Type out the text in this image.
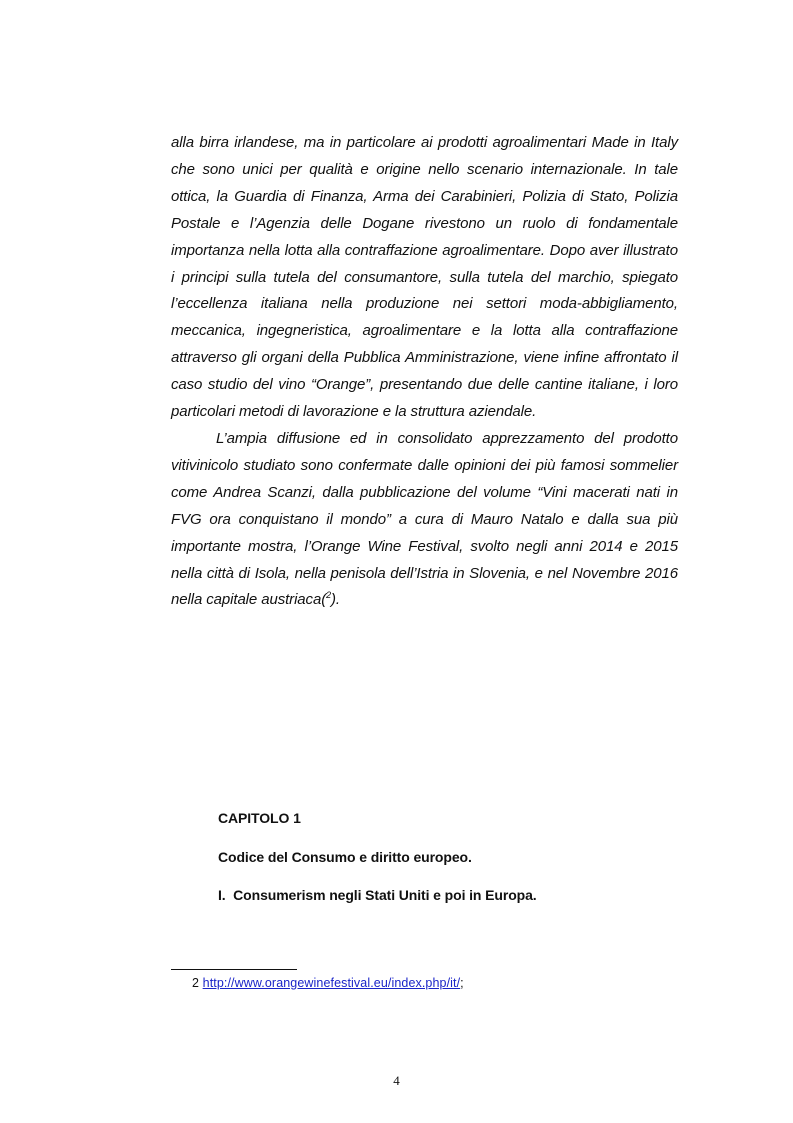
alla birra irlandese, ma in particolare ai prodotti agroalimentari Made in Italy che sono unici per qualità e origine nello scenario internazionale. In tale ottica, la Guardia di Finanza, Arma dei Carabinieri, Polizia di Stato, Polizia Postale e l’Agenzia delle Dogane rivestono un ruolo di fondamentale importanza nella lotta alla contraffazione agroalimentare. Dopo aver illustrato i principi sulla tutela del consumantore, sulla tutela del marchio, spiegato l’eccellenza italiana nella produzione nei settori moda-abbigliamento, meccanica, ingegneristica, agroalimentare e la lotta alla contraffazione attraverso gli organi della Pubblica Amministrazione, viene infine affrontato il caso studio del vino “Orange”, presentando due delle cantine italiane, i loro particolari metodi di lavorazione e la struttura aziendale.

L’ampia diffusione ed in consolidato apprezzamento del prodotto vitivinicolo studiato sono confermate dalle opinioni dei più famosi sommelier come Andrea Scanzi, dalla pubblicazione del volume “Vini macerati nati in FVG ora conquistano il mondo” a cura di Mauro Natalo e dalla sua più importante mostra, l’Orange Wine Festival, svolto negli anni 2014 e 2015 nella città di Isola, nella penisola dell’Istria in Slovenia, e nel Novembre 2016 nella capitale austriaca($^2$).

CAPITOLO 1

Codice del Consumo e diritto europeo.

I.  Consumerism negli Stati Uniti e poi in Europa.

2 http://www.orangewinefestival.eu/index.php/it/;
4
